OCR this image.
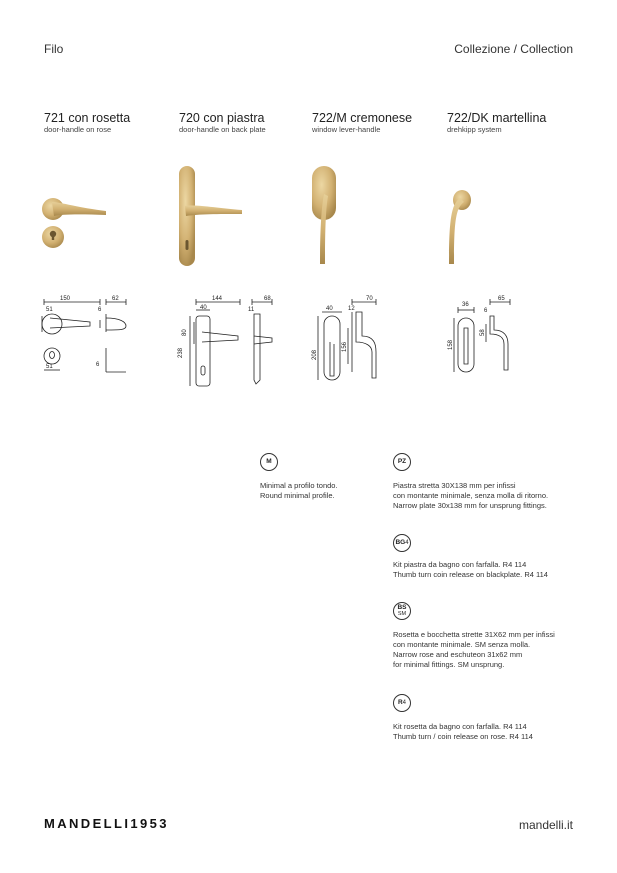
Filo	Collezione / Collection
721 con rosetta
door-handle on rose
720 con piastra
door-handle on back plate
722/M cremonese
window lever-handle
722/DK martellina
drehkipp system
150	62
51	6
51	6
144	68
40	11
80
238
70
40	12
208
156
36
65
6
58
158
M
Minimal a profilo tondo.
Round minimal profile.
PZ
Piastra stretta 30X138 mm per infissi
con montante minimale, senza molla di ritorno.
Narrow plate 30x138 mm for unsprung fittings.
BG 4
Kit piastra da bagno con farfalla. R4 114
Thumb turn coin release on blackplate. R4 114
BS
SM
Rosetta e bocchetta strette 31X62 mm per infissi
con montante minimale. SM senza molla.
Narrow rose and eschuteon 31x62 mm
for minimal fittings. SM unsprung.
R 4
Kit rosetta da bagno con farfalla. R4 114
Thumb turn / coin release on rose. R4 114
MANDELLI1953	mandelli.it
